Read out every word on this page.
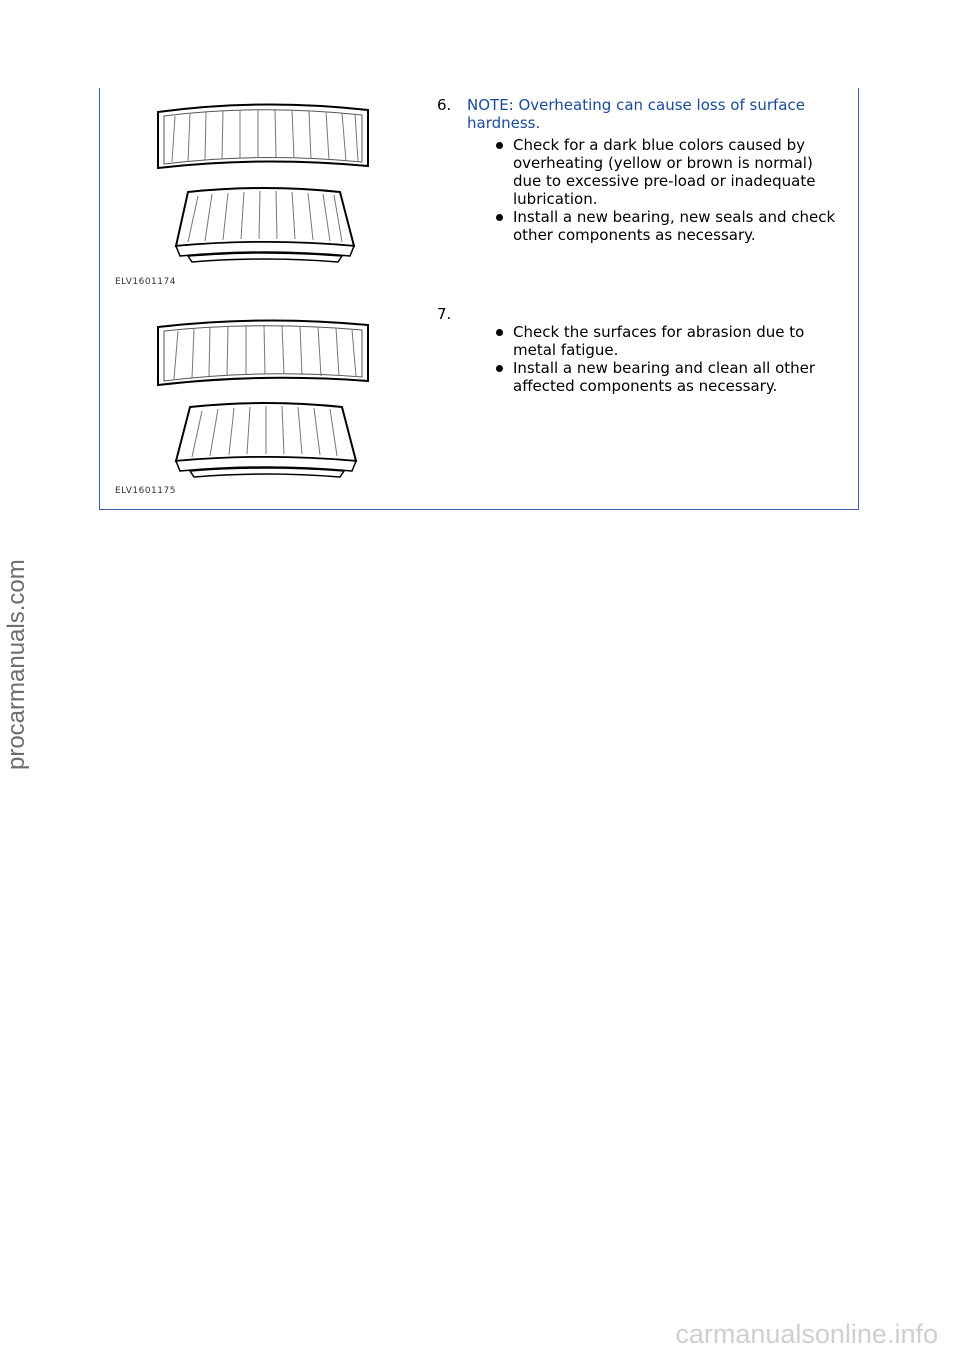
ELV1601174
6. NOTE: Overheating can cause loss of surface hardness.
Check for a dark blue colors caused by overheating (yellow or brown is normal) due to excessive pre-load or inadequate lubrication.
Install a new bearing, new seals and check other components as necessary.
ELV1601175
7.
Check the surfaces for abrasion due to metal fatigue.
Install a new bearing and clean all other affected components as necessary.
procarmanuals.com
carmanualsonline.info
